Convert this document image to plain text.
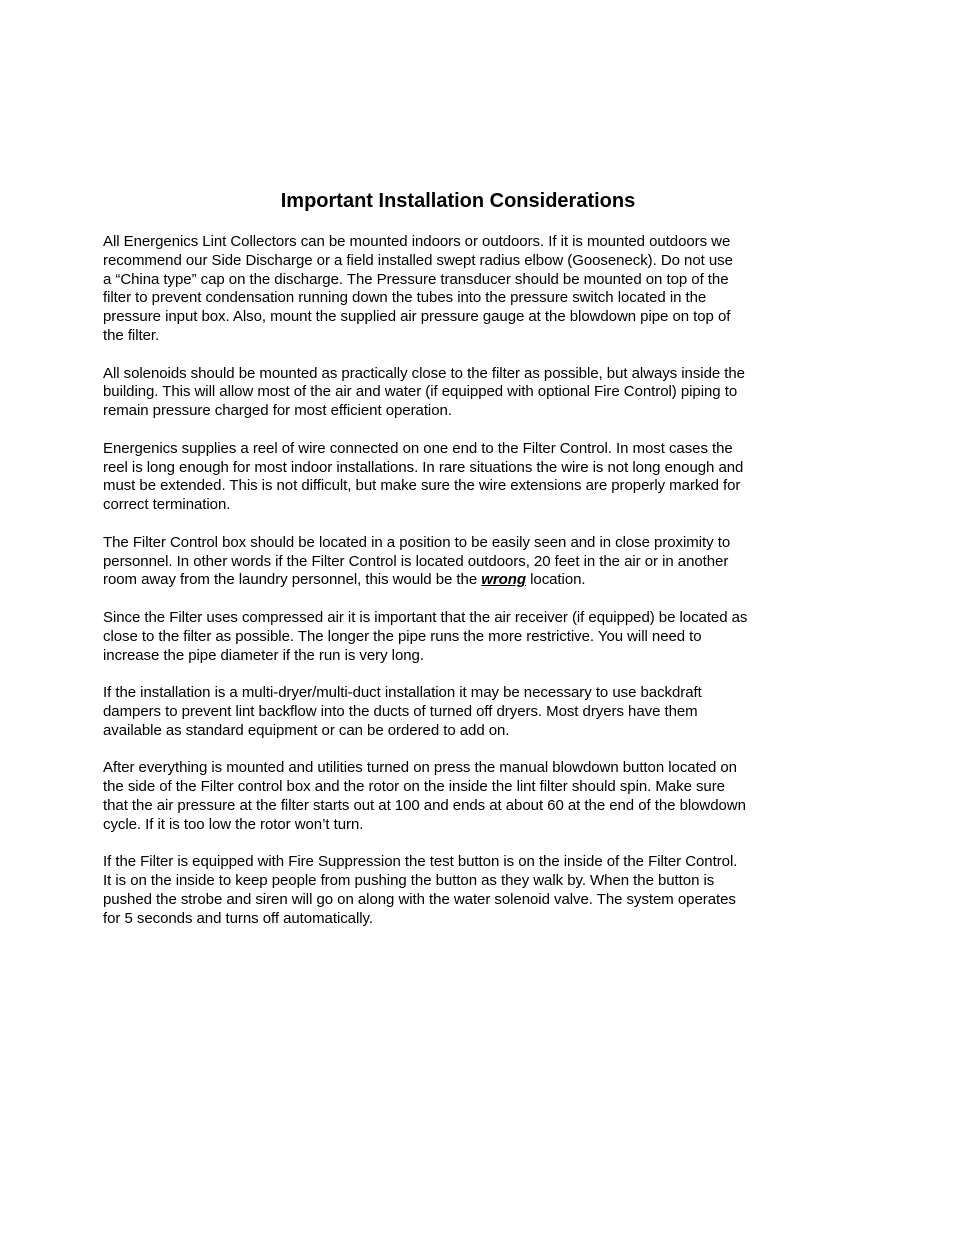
Important Installation Considerations

All Energenics Lint Collectors can be mounted indoors or outdoors. If it is mounted outdoors we
recommend our Side Discharge or a field installed swept radius elbow (Gooseneck). Do not use
a “China type” cap on the discharge. The Pressure transducer should be mounted on top of the
filter to prevent condensation running down the tubes into the pressure switch located in the
pressure input box. Also, mount the supplied air pressure gauge at the blowdown pipe on top of
the filter.

All solenoids should be mounted as practically close to the filter as possible, but always inside the
building. This will allow most of the air and water (if equipped with optional Fire Control) piping to
remain pressure charged for most efficient operation.

Energenics supplies a reel of wire connected on one end to the Filter Control. In most cases the
reel is long enough for most indoor installations. In rare situations the wire is not long enough and
must be extended. This is not difficult, but make sure the wire extensions are properly marked for
correct termination.

The Filter Control box should be located in a position to be easily seen and in close proximity to
personnel. In other words if the Filter Control is located outdoors, 20 feet in the air or in another
room away from the laundry personnel, this would be the wrong location.

Since the Filter uses compressed air it is important that the air receiver (if equipped) be located as
close to the filter as possible. The longer the pipe runs the more restrictive. You will need to
increase the pipe diameter if the run is very long.

If the installation is a multi-dryer/multi-duct installation it may be necessary to use backdraft
dampers to prevent lint backflow into the ducts of turned off dryers. Most dryers have them
available as standard equipment or can be ordered to add on.

After everything is mounted and utilities turned on press the manual blowdown button located on
the side of the Filter control box and the rotor on the inside the lint filter should spin. Make sure
that the air pressure at the filter starts out at 100 and ends at about 60 at the end of the blowdown
cycle. If it is too low the rotor won’t turn.

If the Filter is equipped with Fire Suppression the test button is on the inside of the Filter Control.
It is on the inside to keep people from pushing the button as they walk by. When the button is
pushed the strobe and siren will go on along with the water solenoid valve. The system operates
for 5 seconds and turns off automatically.
